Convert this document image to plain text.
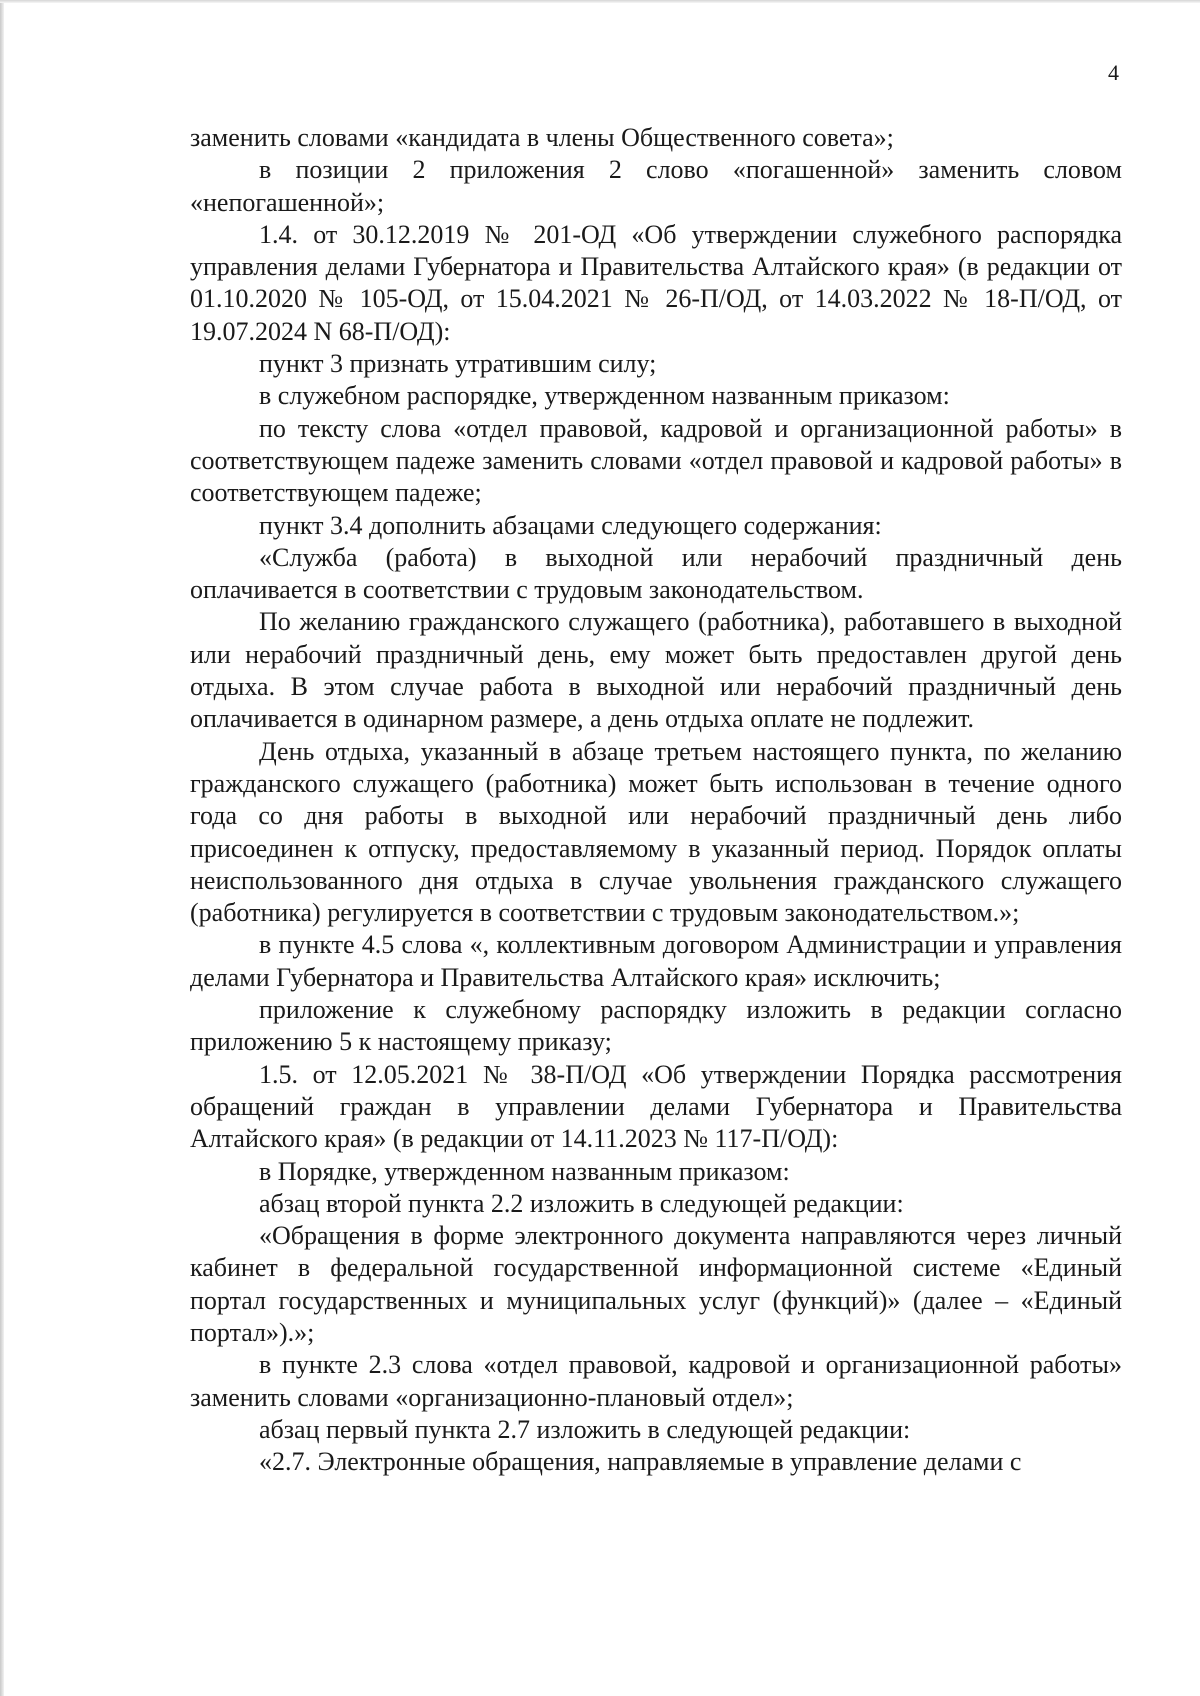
4

заменить словами «кандидата в члены Общественного совета»;

в позиции 2 приложения 2 слово «погашенной» заменить словом «непогашенной»;

1.4. от 30.12.2019 № 201-ОД «Об утверждении служебного распорядка управления делами Губернатора и Правительства Алтайского края» (в редакции от 01.10.2020 № 105-ОД, от 15.04.2021 № 26-П/ОД, от 14.03.2022 № 18-П/ОД, от 19.07.2024 N 68-П/ОД):

пункт 3 признать утратившим силу;

в служебном распорядке, утвержденном названным приказом:

по тексту слова «отдел правовой, кадровой и организационной работы» в соответствующем падеже заменить словами «отдел правовой и кадровой работы» в соответствующем падеже;

пункт 3.4 дополнить абзацами следующего содержания:

«Служба (работа) в выходной или нерабочий праздничный день оплачивается в соответствии с трудовым законодательством.

По желанию гражданского служащего (работника), работавшего в выходной или нерабочий праздничный день, ему может быть предоставлен другой день отдыха. В этом случае работа в выходной или нерабочий праздничный день оплачивается в одинарном размере, а день отдыха оплате не подлежит.

День отдыха, указанный в абзаце третьем настоящего пункта, по желанию гражданского служащего (работника) может быть использован в течение одного года со дня работы в выходной или нерабочий праздничный день либо присоединен к отпуску, предоставляемому в указанный период. Порядок оплаты неиспользованного дня отдыха в случае увольнения гражданского служащего (работника) регулируется в соответствии с трудовым законодательством.»;

в пункте 4.5 слова «, коллективным договором Администрации и управления делами Губернатора и Правительства Алтайского края» исключить;

приложение к служебному распорядку изложить в редакции согласно приложению 5 к настоящему приказу;

1.5. от 12.05.2021 № 38-П/ОД «Об утверждении Порядка рассмотрения обращений граждан в управлении делами Губернатора и Правительства Алтайского края» (в редакции от 14.11.2023 № 117-П/ОД):

в Порядке, утвержденном названным приказом:

абзац второй пункта 2.2 изложить в следующей редакции:

«Обращения в форме электронного документа направляются через личный кабинет в федеральной государственной информационной системе «Единый портал государственных и муниципальных услуг (функций)» (далее – «Единый портал»).»;

в пункте 2.3 слова «отдел правовой, кадровой и организационной работы» заменить словами «организационно-плановый отдел»;

абзац первый пункта 2.7 изложить в следующей редакции:

«2.7. Электронные обращения, направляемые в управление делами с
